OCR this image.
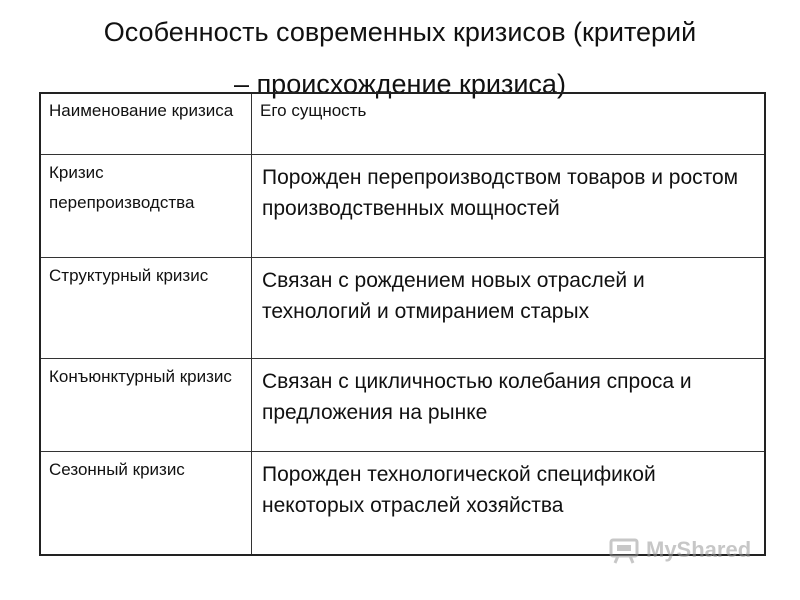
Особенность современных кризисов (критерий
– происхождение кризиса)
Наименование кризиса	Его сущность

Кризис перепроизводства	Порожден перепроизводством товаров и ростом производственных мощностей

Структурный кризис	Связан с рождением новых отраслей и технологий и отмиранием старых

Конъюнктурный кризис	Связан с цикличностью колебания спроса и предложения на рынке

Сезонный кризис	Порожден технологической спецификой некоторых отраслей хозяйства
MyShared
